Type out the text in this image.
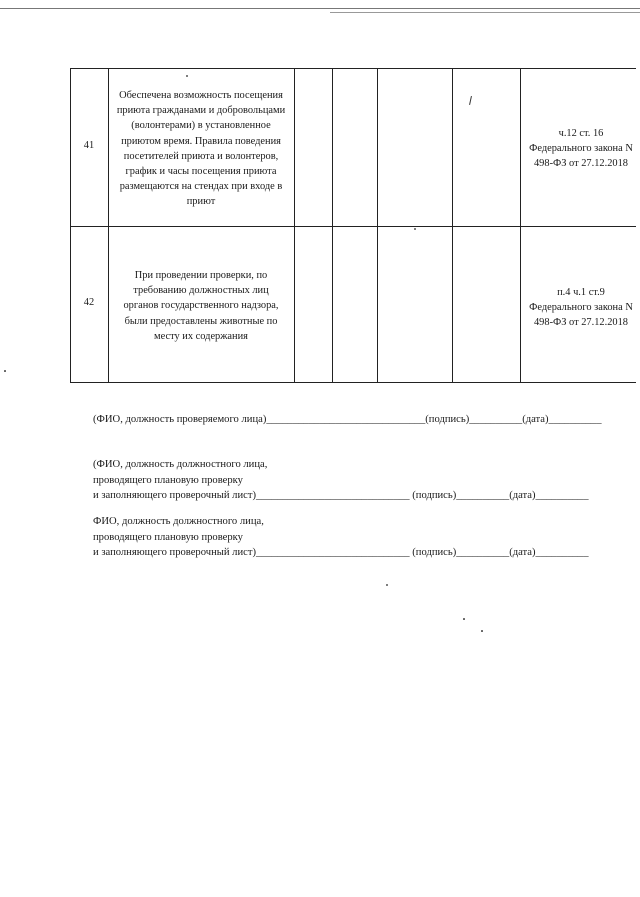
41
Обеспечена возможность посещения
приюта гражданами и добровольцами
(волонтерами) в установленное
приютом время. Правила поведения
посетителей приюта и волонтеров,
график и часы посещения приюта
размещаются на стендах при входе в
приют
ч.12 ст. 16
Федерального закона N
498-ФЗ от 27.12.2018
42
При проведении проверки, по
требованию должностных лиц
органов государственного надзора,
были предоставлены животные по
месту их содержания
п.4 ч.1 ст.9
Федерального закона N
498-ФЗ от 27.12.2018
(ФИО, должность проверяемого лица)______________________________(подпись)__________(дата)__________
(ФИО, должность должностного лица,
проводящего плановую проверку
и заполняющего проверочный лист)_____________________________ (подпись)__________(дата)__________
ФИО, должность должностного лица,
проводящего плановую проверку
и заполняющего проверочный лист)_____________________________ (подпись)__________(дата)__________
